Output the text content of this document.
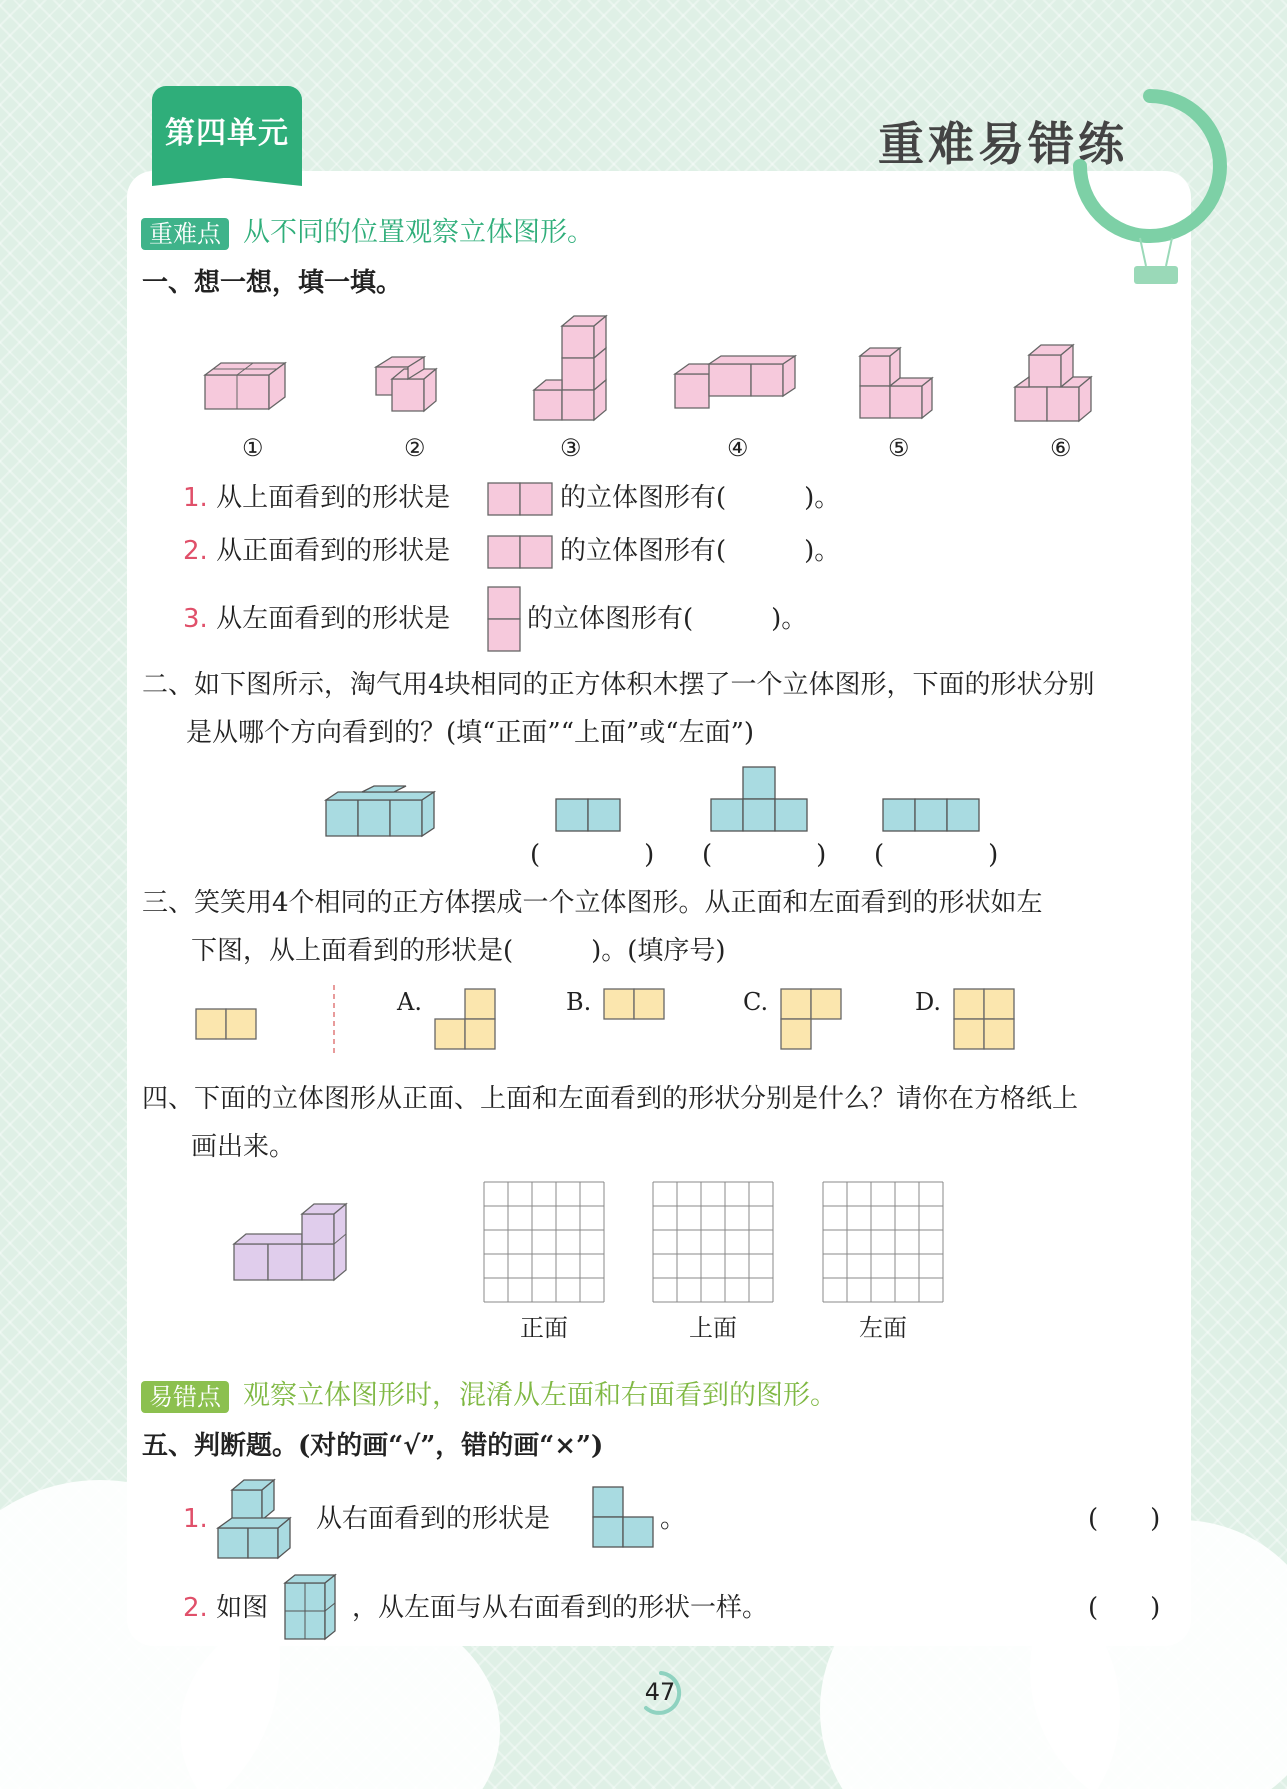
第四单元	重难易错练
重难点 从不同的位置观察立体图形。
一、想一想，填一填。
①	②	③	④	⑤	⑥
1. 从上面看到的形状是	的立体图形有(　　　)。
2. 从正面看到的形状是	的立体图形有(　　　)。
3. 从左面看到的形状是	的立体图形有(　　　)。
二、如下图所示，淘气用4块相同的正方体积木摆了一个立体图形，下面的形状分别
是从哪个方向看到的？(填“正面”“上面”或“左面”)
(　　　　) (　　　　) (　　　　)
三、笑笑用4个相同的正方体摆成一个立体图形。从正面和左面看到的形状如左
下图，从上面看到的形状是(　　　)。(填序号)
A.	B.	C.	D.
四、下面的立体图形从正面、上面和左面看到的形状分别是什么？请你在方格纸上
画出来。
正面	上面	左面
易错点 观察立体图形时，混淆从左面和右面看到的图形。
五、判断题。(对的画“√”，错的画“×”)
1.	从右面看到的形状是	。	(　　)
2. 如图	，从左面与从右面看到的形状一样。	(　　)
47
